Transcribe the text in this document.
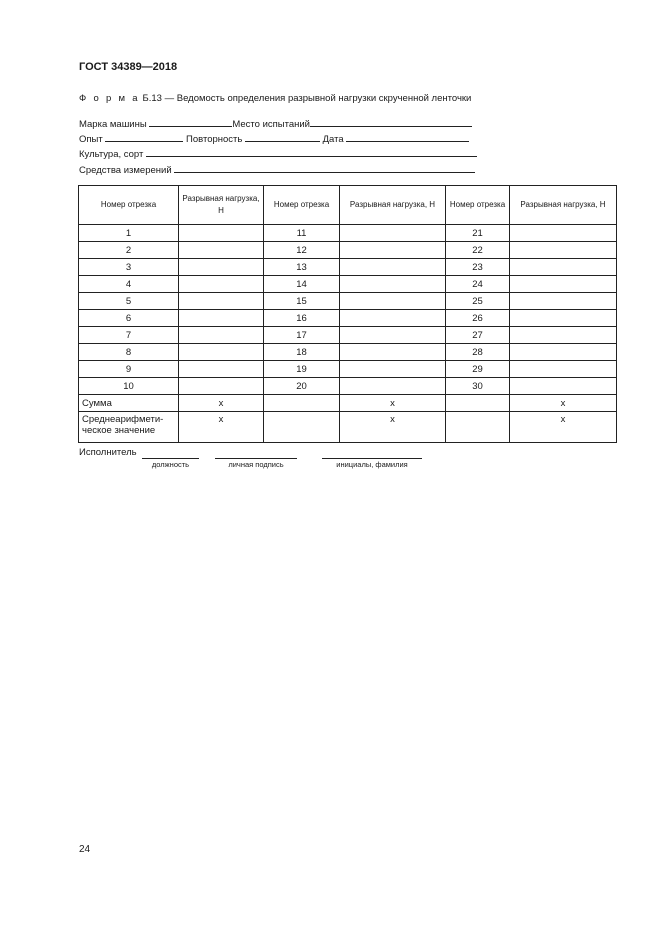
ГОСТ 34389—2018
Ф о р м а Б.13 — Ведомость определения разрывной нагрузки скрученной ленточки
Марка машины	Место испытаний
Опыт	Повторность	Дата
Культура, сорт
Средства измерений
Номер отрезка	Разрывная нагрузка, Н	Номер отрезка	Разрывная нагрузка, Н	Номер отрезка	Разрывная нагрузка, Н
1		11		21	
2		12		22	
3		13		23	
4		14		24	
5		15		25	
6		16		26	
7		17		27	
8		18		28	
9		19		29	
10		20		30	
Сумма	x		x		x
Среднеарифмети-ческое значение	x		x		x
Исполнитель
должность	личная подпись	инициалы, фамилия
24
